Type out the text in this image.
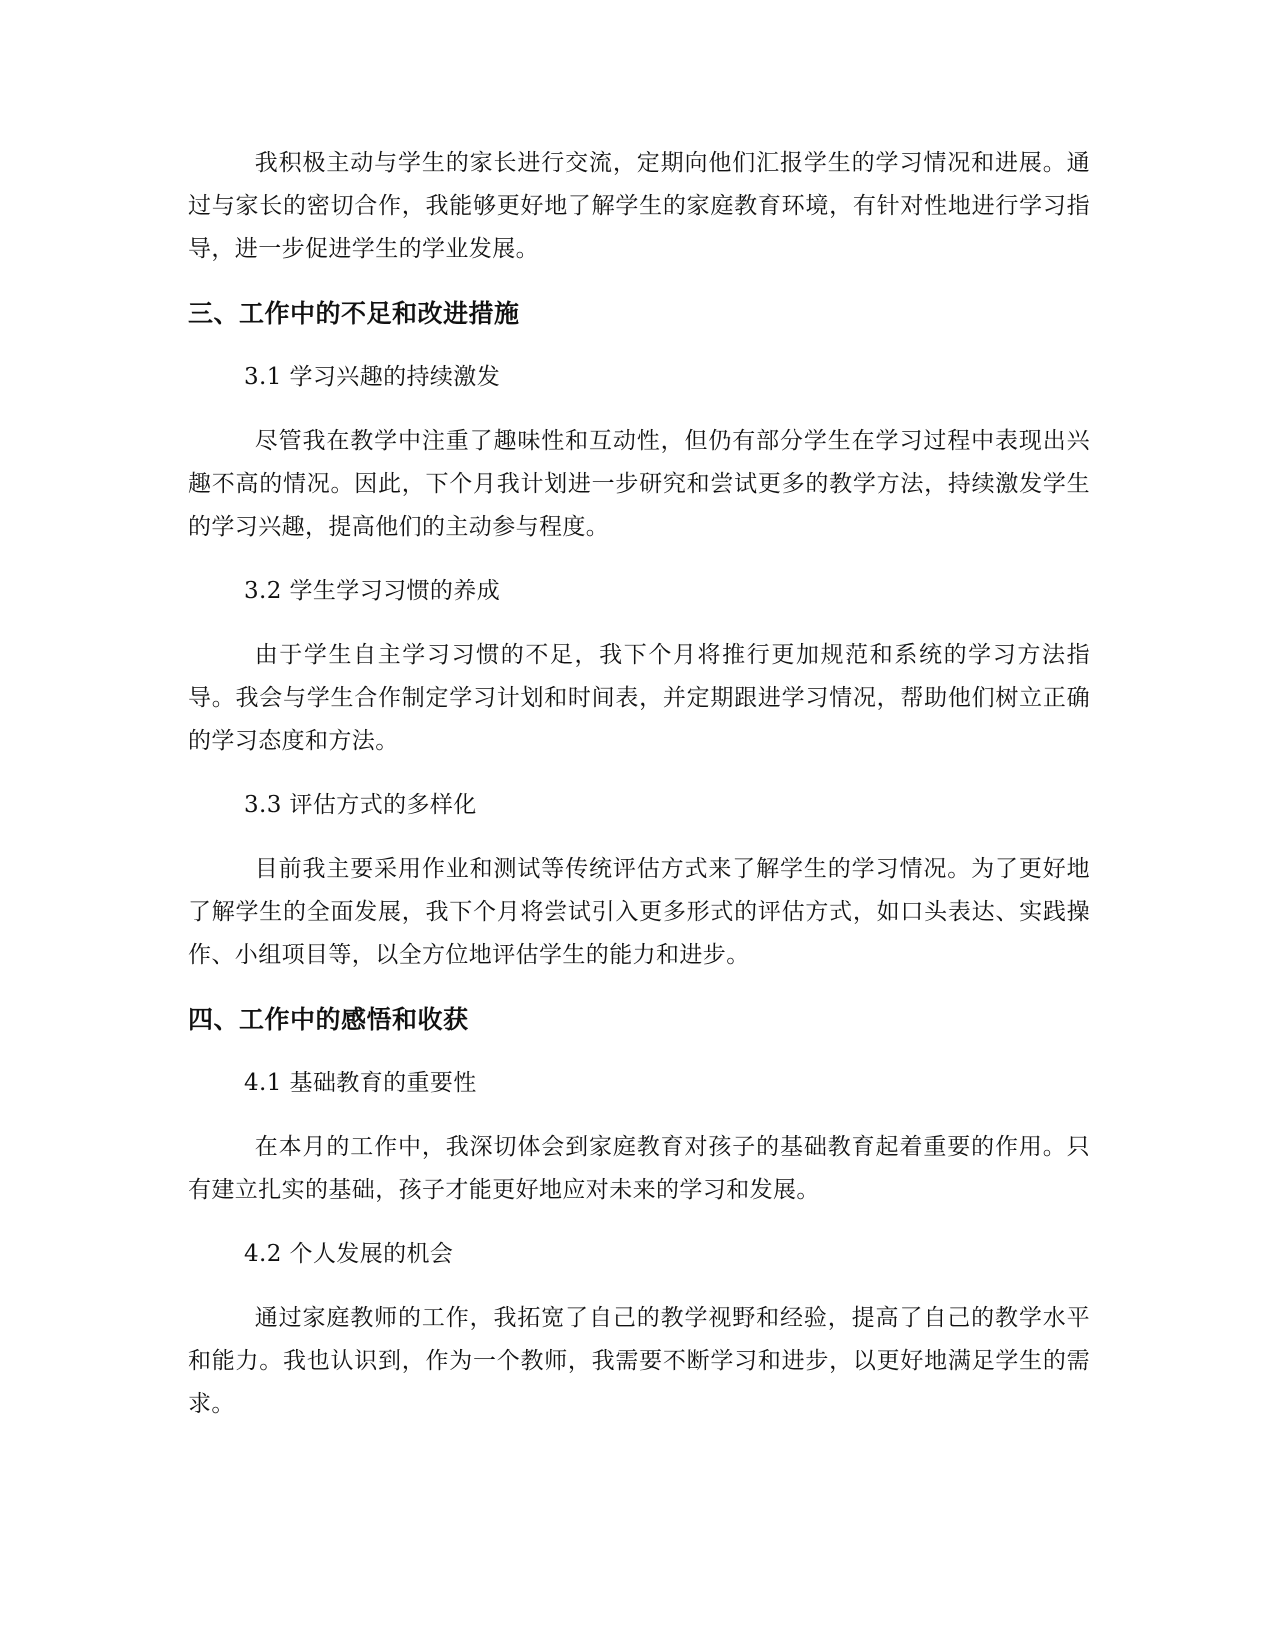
我积极主动与学生的家长进行交流，定期向他们汇报学生的学习情况和进展。通过与家长的密切合作，我能够更好地了解学生的家庭教育环境，有针对性地进行学习指导，进一步促进学生的学业发展。

三、工作中的不足和改进措施

3.1 学习兴趣的持续激发

尽管我在教学中注重了趣味性和互动性，但仍有部分学生在学习过程中表现出兴趣不高的情况。因此，下个月我计划进一步研究和尝试更多的教学方法，持续激发学生的学习兴趣，提高他们的主动参与程度。

3.2 学生学习习惯的养成

由于学生自主学习习惯的不足，我下个月将推行更加规范和系统的学习方法指导。我会与学生合作制定学习计划和时间表，并定期跟进学习情况，帮助他们树立正确的学习态度和方法。

3.3 评估方式的多样化

目前我主要采用作业和测试等传统评估方式来了解学生的学习情况。为了更好地了解学生的全面发展，我下个月将尝试引入更多形式的评估方式，如口头表达、实践操作、小组项目等，以全方位地评估学生的能力和进步。

四、工作中的感悟和收获

4.1 基础教育的重要性

在本月的工作中，我深切体会到家庭教育对孩子的基础教育起着重要的作用。只有建立扎实的基础，孩子才能更好地应对未来的学习和发展。

4.2 个人发展的机会

通过家庭教师的工作，我拓宽了自己的教学视野和经验，提高了自己的教学水平和能力。我也认识到，作为一个教师，我需要不断学习和进步，以更好地满足学生的需求。
